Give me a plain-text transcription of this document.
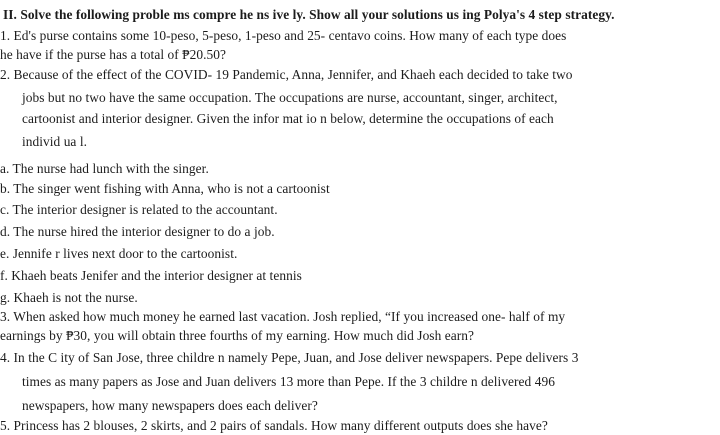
II. Solve the following proble ms compre he ns ive ly. Show all your solutions us ing Polya's 4 step strategy.
1. Ed's purse contains some 10-peso, 5-peso, 1-peso and 25- centavo coins. How many of each type does
he have if the purse has a total of ₱20.50?
2. Because of the effect of the COVID- 19 Pandemic, Anna, Jennifer, and Khaeh each decided to take two
jobs but no two have the same occupation. The occupations are nurse, accountant, singer, architect,
cartoonist and interior designer. Given the infor mat io n below, determine the occupations of each
individ ua l.
a. The nurse had lunch with the singer.
b. The singer went fishing with Anna, who is not a cartoonist
c. The interior designer is related to the accountant.
d. The nurse hired the interior designer to do a job.
e. Jennife r lives next door to the cartoonist.
f. Khaeh beats Jenifer and the interior designer at tennis
g. Khaeh is not the nurse.
3. When asked how much money he earned last vacation. Josh replied, “If you increased one- half of my
earnings by ₱30, you will obtain three fourths of my earning. How much did Josh earn?
4. In the C ity of San Jose, three childre n namely Pepe, Juan, and Jose deliver newspapers. Pepe delivers 3
times as many papers as Jose and Juan delivers 13 more than Pepe. If the 3 childre n delivered 496
newspapers, how many newspapers does each deliver?
5. Princess has 2 blouses, 2 skirts, and 2 pairs of sandals. How many different outputs does she have?
